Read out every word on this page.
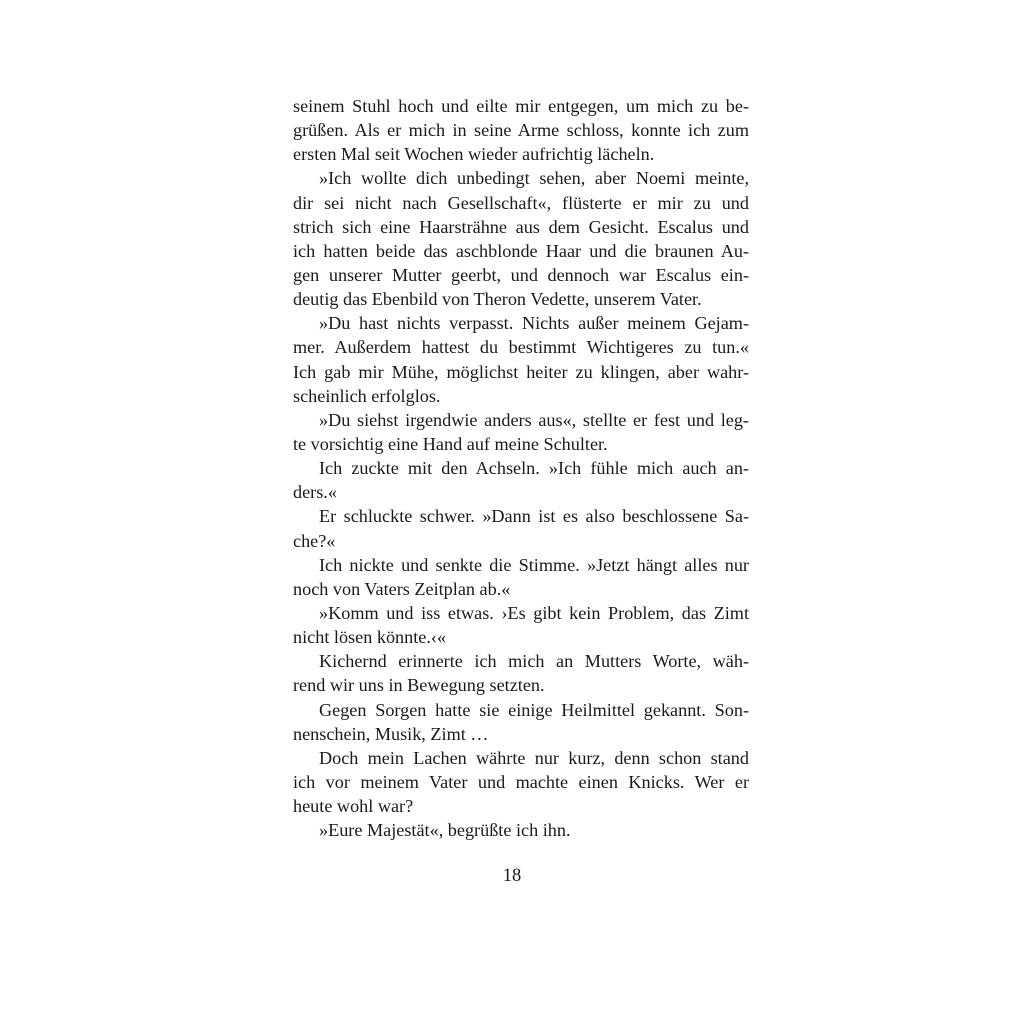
seinem Stuhl hoch und eilte mir entgegen, um mich zu be-
grüßen. Als er mich in seine Arme schloss, konnte ich zum
ersten Mal seit Wochen wieder aufrichtig lächeln.
»Ich wollte dich unbedingt sehen, aber Noemi meinte,
dir sei nicht nach Gesellschaft«, flüsterte er mir zu und
strich sich eine Haarsträhne aus dem Gesicht. Escalus und
ich hatten beide das aschblonde Haar und die braunen Au-
gen unserer Mutter geerbt, und dennoch war Escalus ein-
deutig das Ebenbild von Theron Vedette, unserem Vater.
»Du hast nichts verpasst. Nichts außer meinem Gejam-
mer. Außerdem hattest du bestimmt Wichtigeres zu tun.«
Ich gab mir Mühe, möglichst heiter zu klingen, aber wahr-
scheinlich erfolglos.
»Du siehst irgendwie anders aus«, stellte er fest und leg-
te vorsichtig eine Hand auf meine Schulter.
Ich zuckte mit den Achseln. »Ich fühle mich auch an-
ders.«
Er schluckte schwer. »Dann ist es also beschlossene Sa-
che?«
Ich nickte und senkte die Stimme. »Jetzt hängt alles nur
noch von Vaters Zeitplan ab.«
»Komm und iss etwas. ›Es gibt kein Problem, das Zimt
nicht lösen könnte.‹«
Kichernd erinnerte ich mich an Mutters Worte, wäh-
rend wir uns in Bewegung setzten.
Gegen Sorgen hatte sie einige Heilmittel gekannt. Son-
nenschein, Musik, Zimt …
Doch mein Lachen währte nur kurz, denn schon stand
ich vor meinem Vater und machte einen Knicks. Wer er
heute wohl war?
»Eure Majestät«, begrüßte ich ihn.
18
